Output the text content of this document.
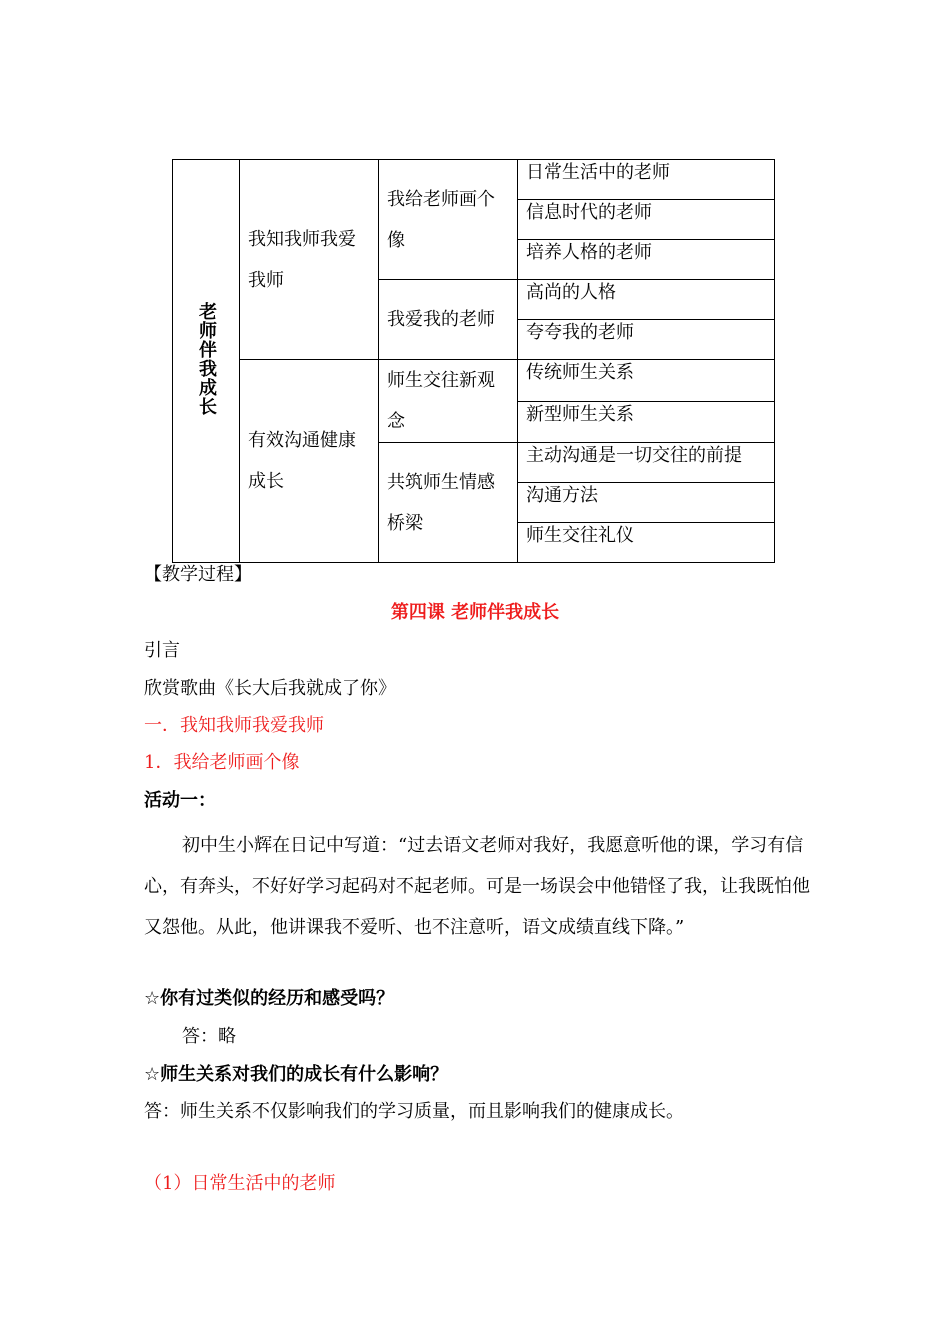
老师伴我成长	我知我师我爱我师	我给老师画个像	日常生活中的老师
			信息时代的老师
			培养人格的老师
		我爱我的老师	高尚的人格
			夸夸我的老师
	有效沟通健康成长	师生交往新观念	传统师生关系
			新型师生关系
		共筑师生情感桥梁	主动沟通是一切交往的前提
			沟通方法
			师生交往礼仪
【教学过程】
第四课 老师伴我成长
引言
欣赏歌曲《长大后我就成了你》
一．我知我师我爱我师
1．我给老师画个像
活动一：
初中生小辉在日记中写道：“过去语文老师对我好，我愿意听他的课，学习有信心，有奔头，不好好学习起码对不起老师。可是一场误会中他错怪了我，让我既怕他又怨他。从此，他讲课我不爱听、也不注意听，语文成绩直线下降。”
☆你有过类似的经历和感受吗？
答：略
☆师生关系对我们的成长有什么影响？
答：师生关系不仅影响我们的学习质量，而且影响我们的健康成长。
（1）日常生活中的老师
